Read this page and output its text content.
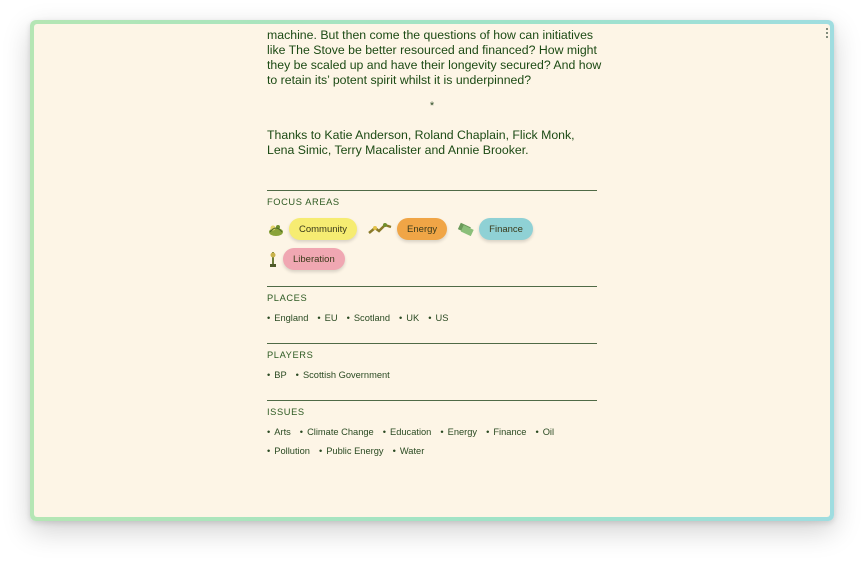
machine. But then come the questions of how can initiatives like The Stove be better resourced and financed? How might they be scaled up and have their longevity secured? And how to retain its’ potent spirit whilst it is underpinned?

*

Thanks to Katie Anderson, Roland Chaplain, Flick Monk, Lena Simic, Terry Macalister and Annie Brooker.

FOCUS AREAS
Community	Energy	Finance
Liberation
PLACES
• England	• EU	• Scotland	• UK	• US
PLAYERS
• BP	• Scottish Government
ISSUES
• Arts	• Climate Change	• Education	• Energy	• Finance	• Oil
• Pollution	• Public Energy	• Water
